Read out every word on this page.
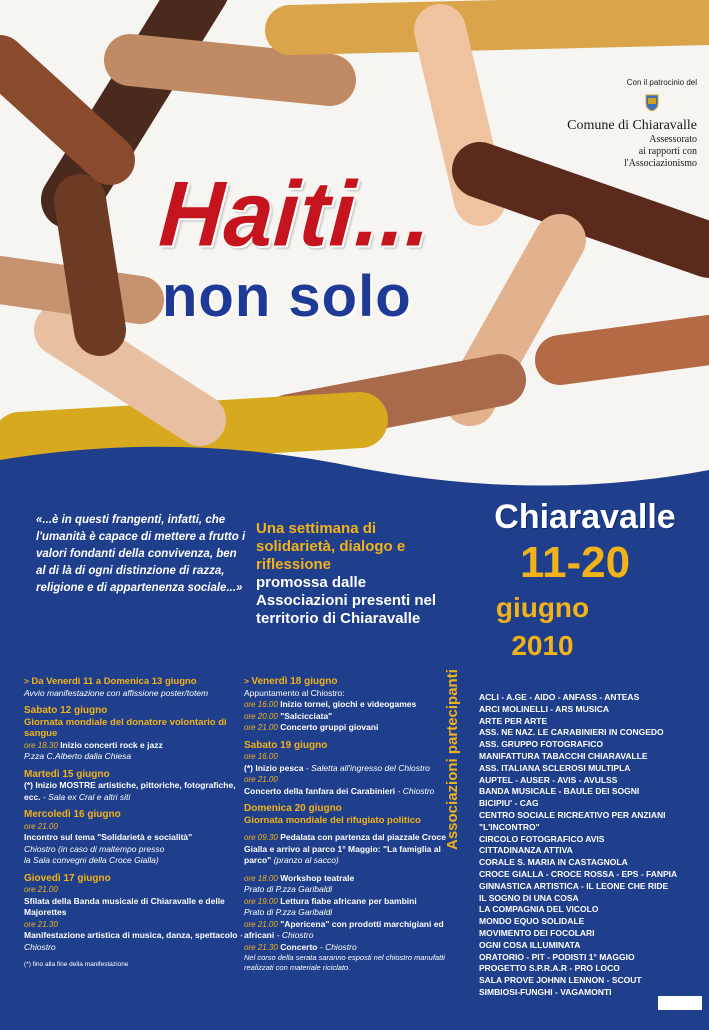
Con il patrocinio del
Comune di Chiaravalle
Assessorato
ai rapporti con
l'Associazionismo
Haiti...
non solo
«...è in questi frangenti, infatti, che l'umanità è capace di mettere a frutto i valori fondanti della convivenza, ben al di là di ogni distinzione di razza, religione e di appartenenza sociale...»
Una settimana di solidarietà, dialogo e riflessione
promossa dalle Associazioni presenti nel territorio di Chiaravalle
Chiaravalle
11-20
giugno
2010
> Da Venerdì 11 a Domenica 13 giugno
Avvio manifestazione con affissione poster/totem
Sabato 12 giugno
Giornata mondiale del donatore volontario di sangue
ore 18.30 Inizio concerti rock e jazz
P.zza C.Alberto dalla Chiesa
Martedì 15 giugno
(*) Inizio MOSTRE artistiche, pittoriche, fotografiche, ecc. - Sala ex Cral e altri siti
Mercoledì 16 giugno
ore 21.00
Incontro sul tema "Solidarietà e socialità"
Chiostro (in caso di maltempo presso
la Sala convegni della Croce Gialla)
Giovedì 17 giugno
ore 21.00
Sfilata della Banda musicale di Chiaravalle e delle Majorettes
ore 21.30
Manifestazione artistica di musica, danza, spettacolo - Chiostro
(*) fino alla fine della manifestazione
> Venerdì 18 giugno
Appuntamento al Chiostro:
ore 16.00 Inizio tornei, giochi e videogames
ore 20.00 "Salcicciata"
ore 21.00 Concerto gruppi giovani
Sabato 19 giugno
ore 16.00
(*) Inizio pesca - Saletta all'ingresso del Chiostro
ore 21.00
Concerto della fanfara dei Carabinieri - Chiostro
Domenica 20 giugno
Giornata mondiale del rifugiato politico
ore 09.30 Pedalata con partenza dal piazzale Croce Gialla e arrivo al parco 1° Maggio: "La famiglia al parco" (pranzo al sacco)
ore 18.00 Workshop teatrale
Prato di P.zza Garibaldi
ore 19.00 Lettura fiabe africane per bambini
Prato di P.zza Garibaldi
ore 21.00 "Apericena" con prodotti marchigiani ed africani - Chiostro
ore 21.30 Concerto - Chiostro
Nel corso della serata saranno esposti nel chiostro manufatti realizzati con materiale riciclato.
Associazioni partecipanti ACLI - A.GE - AIDO - ANFASS - ANTEAS
ARCI MOLINELLI - ARS MUSICA
ARTE PER ARTE
ASS. NE NAZ. LE CARABINIERI IN CONGEDO
ASS. GRUPPO FOTOGRAFICO
MANIFATTURA TABACCHI CHIARAVALLE
ASS. ITALIANA SCLEROSI MULTIPLA
AUPTEL - AUSER - AVIS - AVULSS
BANDA MUSICALE - BAULE DEI SOGNI
BICIPIU' - CAG
CENTRO SOCIALE RICREATIVO PER ANZIANI
"L'INCONTRO"
CIRCOLO FOTOGRAFICO AVIS
CITTADINANZA ATTIVA
CORALE S. MARIA IN CASTAGNOLA
CROCE GIALLA - CROCE ROSSA - EPS - FANPIA
GINNASTICA ARTISTICA - IL LEONE CHE RIDE
IL SOGNO DI UNA COSA
LA COMPAGNIA DEL VICOLO
MONDO EQUO SOLIDALE
MOVIMENTO DEI FOCOLARI
OGNI COSA ILLUMINATA
ORATORIO - PIT - PODISTI 1° MAGGIO
PROGETTO S.P.R.A.R - PRO LOCO
SALA PROVE JOHNN LENNON - SCOUT
SIMBIOSI-FUNGHI - VAGAMONTI
